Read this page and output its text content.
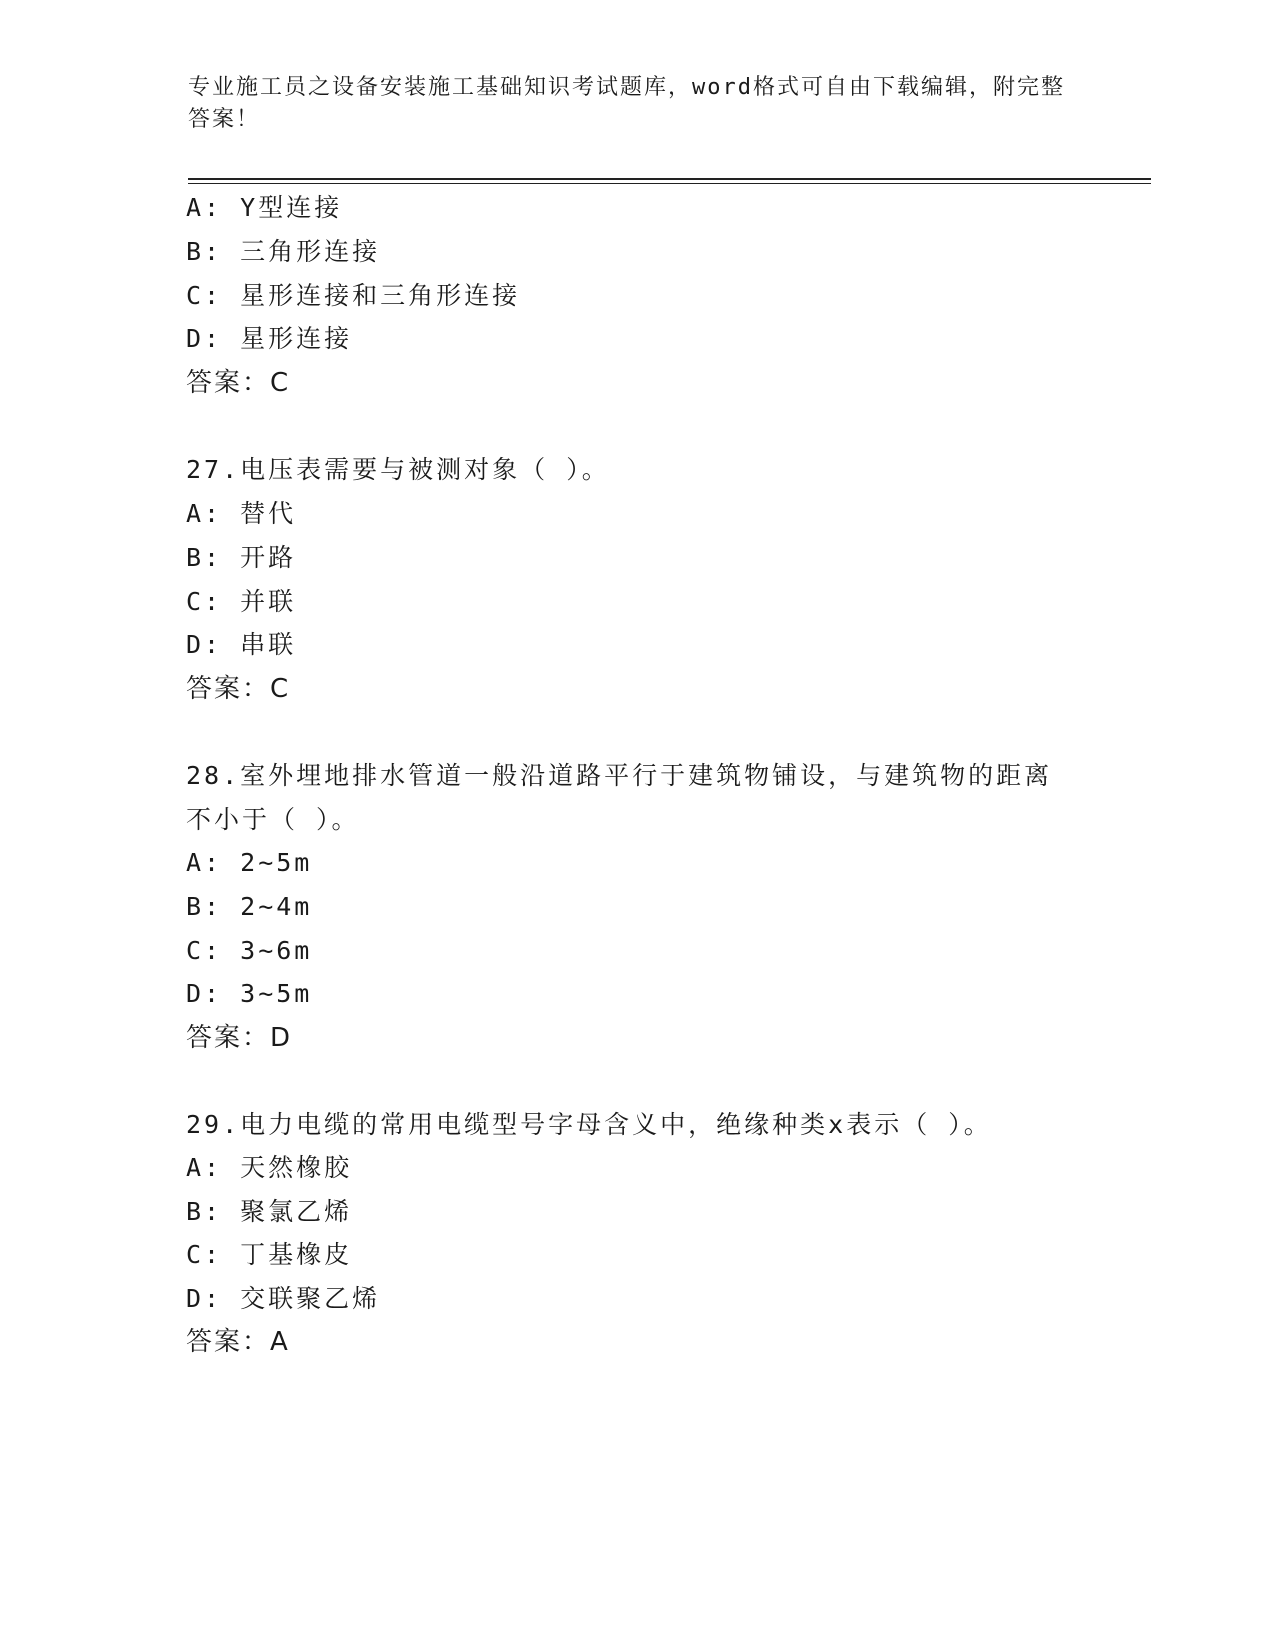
专业施工员之设备安装施工基础知识考试题库，word格式可自由下载编辑，附完整答案！
A: Y型连接
B: 三角形连接
C: 星形连接和三角形连接
D: 星形连接
答案：C
27.电压表需要与被测对象（ ）。
A: 替代
B: 开路
C: 并联
D: 串联
答案：C
28.室外埋地排水管道一般沿道路平行于建筑物铺设，与建筑物的距离
不小于（ ）。
A: 2~5m
B: 2~4m
C: 3~6m
D: 3~5m
答案：D
29.电力电缆的常用电缆型号字母含义中，绝缘种类x表示（ ）。
A: 天然橡胶
B: 聚氯乙烯
C: 丁基橡皮
D: 交联聚乙烯
答案：A
